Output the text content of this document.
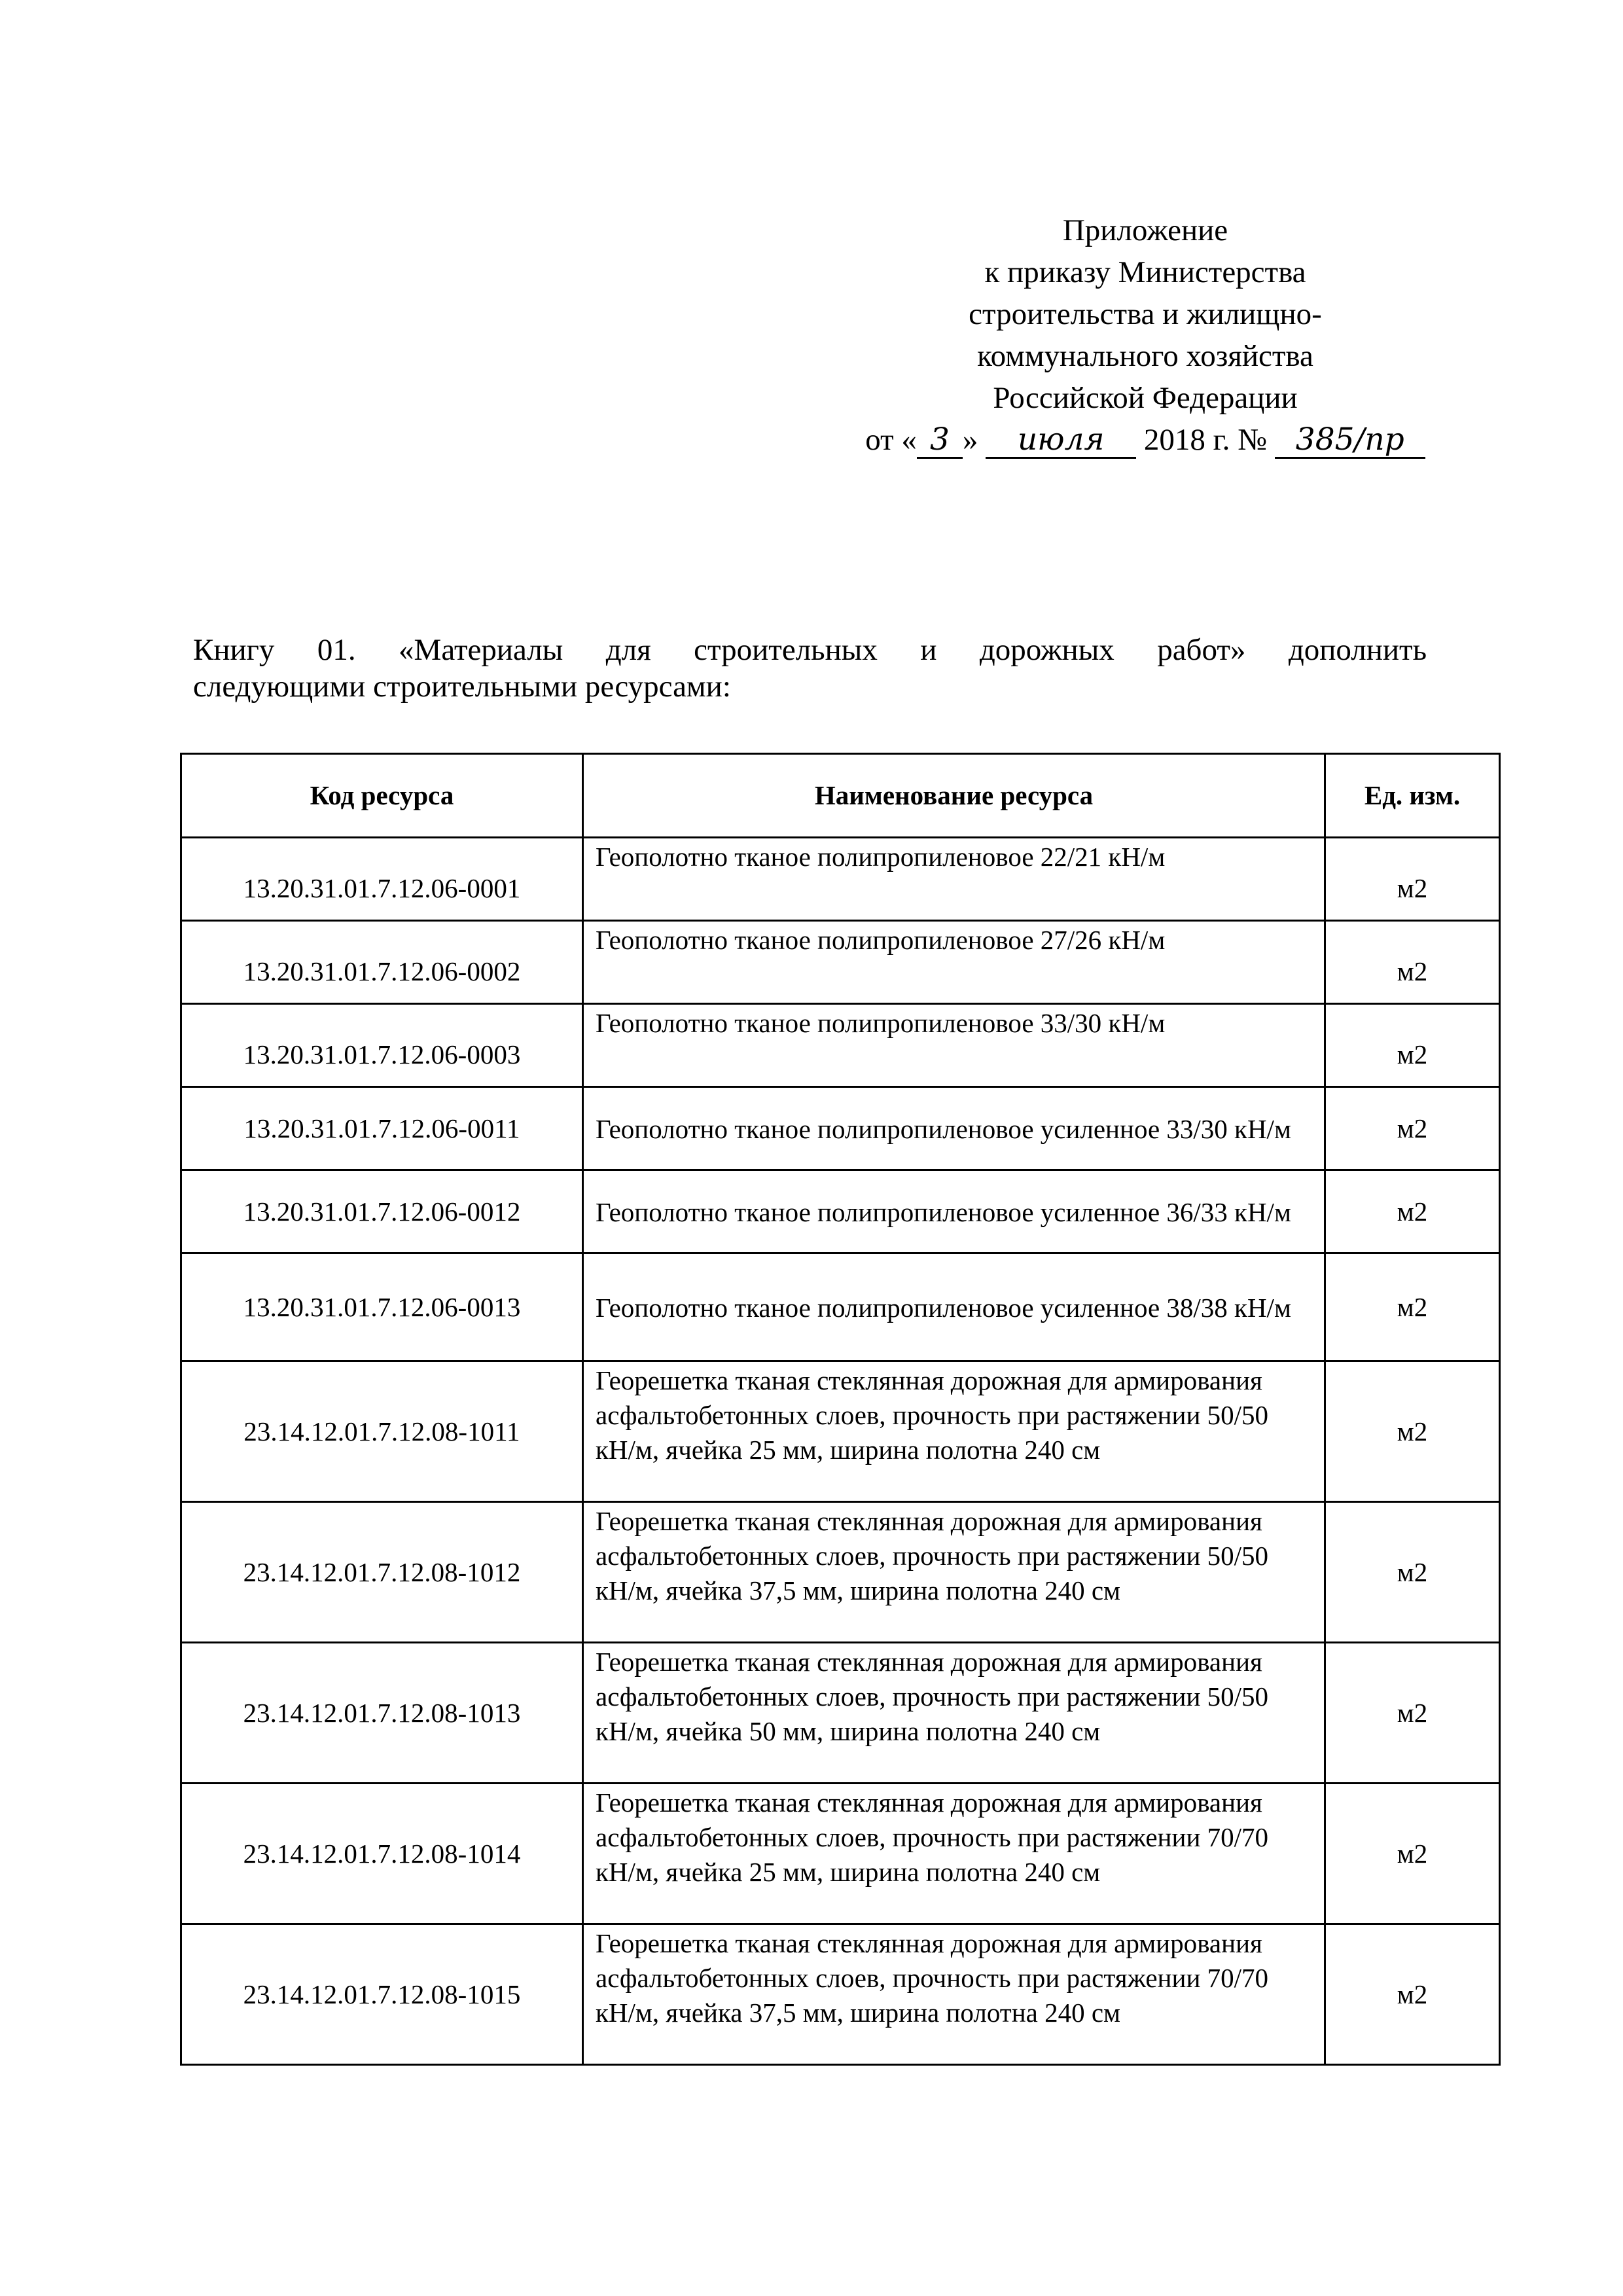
Приложение
к приказу Министерства
строительства и жилищно-
коммунального хозяйства
Российской Федерации
от « 3 » июля 2018 г. № 385/пр
Книгу 01. «Материалы для строительных и дорожных работ» дополнить
следующими строительными ресурсами:
Код ресурса	Наименование ресурса	Ед. изм.

13.20.31.01.7.12.06-0001	Геополотно тканое полипропиленовое 22/21 кН/м	м2

13.20.31.01.7.12.06-0002	Геополотно тканое полипропиленовое 27/26 кН/м	м2

13.20.31.01.7.12.06-0003	Геополотно тканое полипропиленовое 33/30 кН/м	м2

13.20.31.01.7.12.06-0011	Геополотно тканое полипропиленовое усиленное 33/30 кН/м	м2
13.20.31.01.7.12.06-0012	Геополотно тканое полипропиленовое усиленное 36/33 кН/м	м2
13.20.31.01.7.12.06-0013	Геополотно тканое полипропиленовое усиленное 38/38 кН/м	м2
23.14.12.01.7.12.08-1011	Георешетка тканая стеклянная дорожная для армирования асфальтобетонных слоев, прочность при растяжении 50/50 кН/м, ячейка 25 мм, ширина полотна 240 см	м2
23.14.12.01.7.12.08-1012	Георешетка тканая стеклянная дорожная для армирования асфальтобетонных слоев, прочность при растяжении 50/50 кН/м, ячейка 37,5 мм, ширина полотна 240 см	м2
23.14.12.01.7.12.08-1013	Георешетка тканая стеклянная дорожная для армирования асфальтобетонных слоев, прочность при растяжении 50/50 кН/м, ячейка 50 мм, ширина полотна 240 см	м2
23.14.12.01.7.12.08-1014	Георешетка тканая стеклянная дорожная для армирования асфальтобетонных слоев, прочность при растяжении 70/70 кН/м, ячейка 25 мм, ширина полотна 240 см	м2
23.14.12.01.7.12.08-1015	Георешетка тканая стеклянная дорожная для армирования асфальтобетонных слоев, прочность при растяжении 70/70 кН/м, ячейка 37,5 мм, ширина полотна 240 см	м2
